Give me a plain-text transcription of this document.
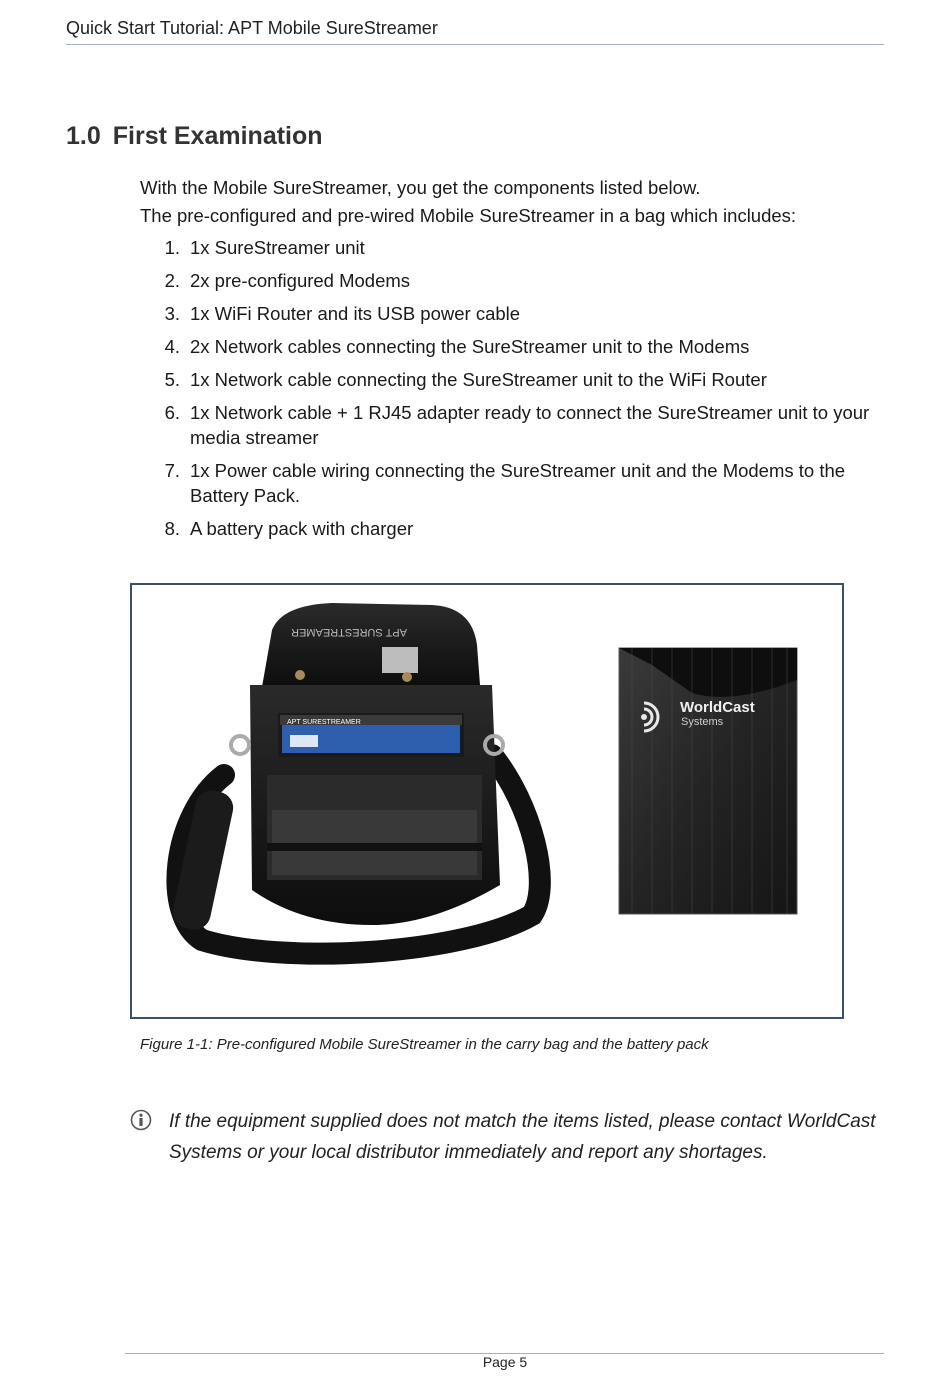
Quick Start Tutorial: APT Mobile SureStreamer
1.0 First Examination

With the Mobile SureStreamer, you get the components listed below.

The pre-configured and pre-wired Mobile SureStreamer in a bag which includes:

1. 1x SureStreamer unit
2. 2x pre-configured Modems
3. 1x WiFi Router and its USB power cable
4. 2x Network cables connecting the SureStreamer unit to the Modems
5. 1x Network cable connecting the SureStreamer unit to the WiFi Router
6. 1x Network cable + 1 RJ45 adapter ready to connect the SureStreamer unit to your media streamer
7. 1x Power cable wiring connecting the SureStreamer unit and the Modems to the Battery Pack.
8. A battery pack with charger
APT SURESTREAMER
APT SURESTREAMER
WorldCast
Systems
Figure 1-1: Pre-configured Mobile SureStreamer in the carry bag and the battery pack
If the equipment supplied does not match the items listed, please contact WorldCast Systems or your local distributor immediately and report any shortages.
Page 5
